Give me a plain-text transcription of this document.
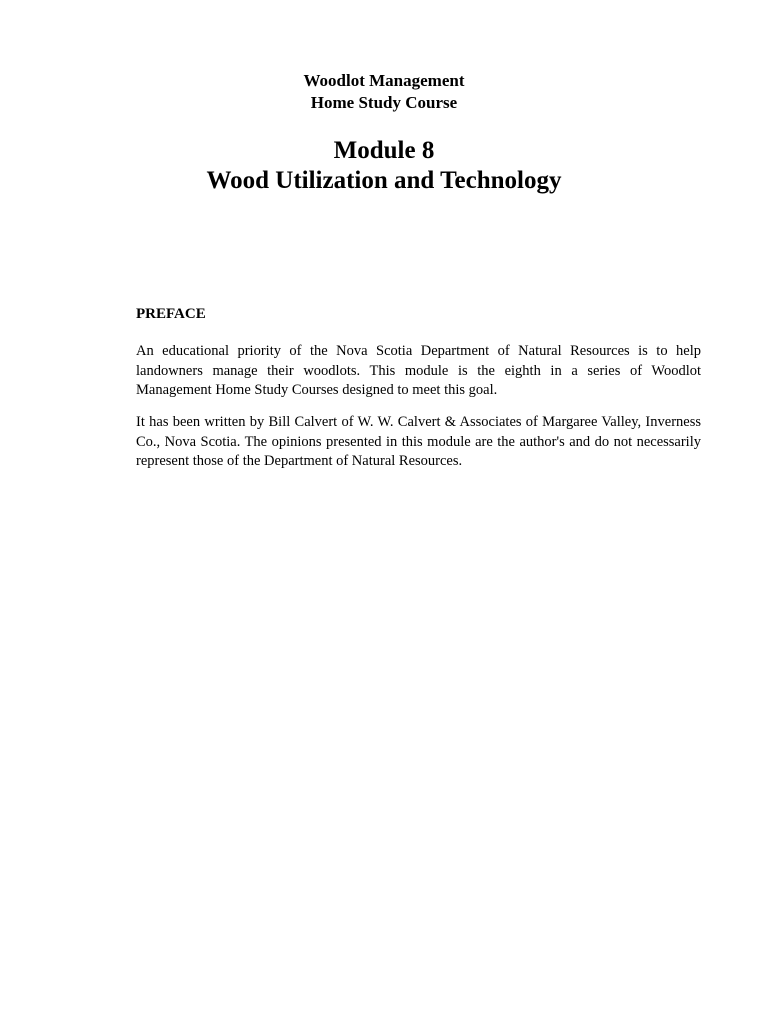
Woodlot Management
Home Study Course
Module 8
Wood Utilization and Technology
PREFACE

An educational priority of the Nova Scotia Department of Natural Resources is to help landowners manage their woodlots. This module is the eighth in a series of Woodlot Management Home Study Courses designed to meet this goal.

It has been written by Bill Calvert of W. W. Calvert & Associates of Margaree Valley, Inverness Co., Nova Scotia. The opinions presented in this module are the author's and do not necessarily represent those of the Department of Natural Resources.
